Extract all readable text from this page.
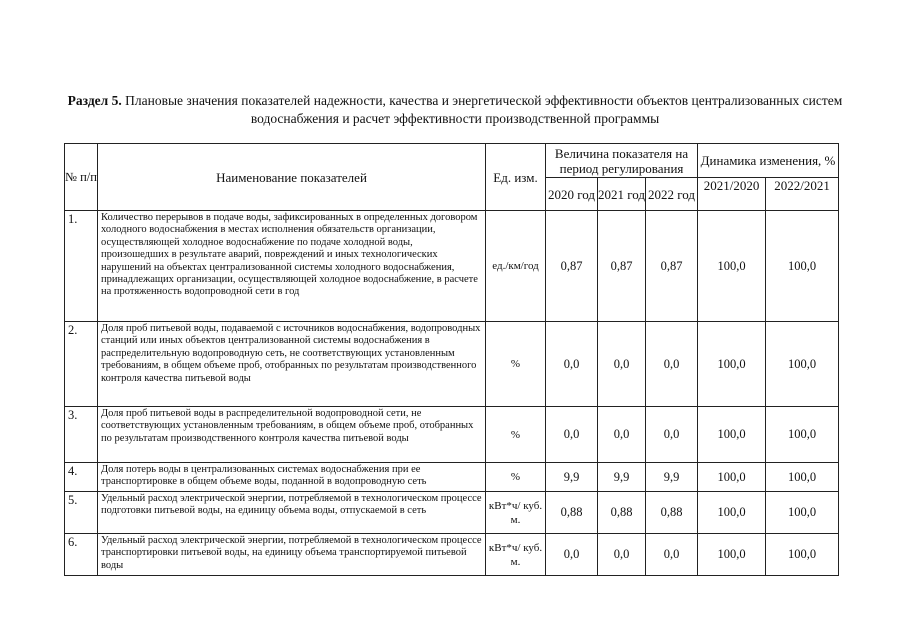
Раздел 5. Плановые значения показателей надежности, качества и энергетической эффективности объектов централизованных систем водоснабжения и расчет эффективности производственной программы
№ п/п	Наименование показателей	Ед. изм.	Величина показателя на период регулирования			Динамика изменения, %	
			2020 год	2021 год	2022 год	2021/2020	2022/2021
1.	Количество перерывов в подаче воды, зафиксированных в определенных договором холодного водоснабжения в местах исполнения обязательств организации, осуществляющей холодное водоснабжение по подаче холодной воды, произошедших в результате аварий, повреждений и иных технологических нарушений на объектах централизованной системы холодного водоснабжения, принадлежащих организации, осуществляющей холодное водоснабжение, в расчете на протяженность водопроводной сети в год	ед./км/год	0,87	0,87	0,87	100,0	100,0
2.	Доля проб питьевой воды, подаваемой с источников водоснабжения, водопроводных станций или иных объектов централизованной системы водоснабжения в распределительную водопроводную сеть, не соответствующих установленным требованиям, в общем объеме проб, отобранных по результатам производственного контроля качества питьевой воды	%	0,0	0,0	0,0	100,0	100,0
3.	Доля проб питьевой воды в распределительной водопроводной сети, не соответствующих установленным требованиям, в общем объеме проб, отобранных по результатам производственного контроля качества питьевой воды	%	0,0	0,0	0,0	100,0	100,0
4.	Доля потерь воды в централизованных системах водоснабжения при ее транспортировке в общем объеме воды, поданной в водопроводную сеть	%	9,9	9,9	9,9	100,0	100,0
5.	Удельный расход электрической энергии, потребляемой в технологическом процессе подготовки питьевой воды, на единицу объема воды, отпускаемой в сеть	кВт*ч/ куб. м.	0,88	0,88	0,88	100,0	100,0
6.	Удельный расход электрической энергии, потребляемой в технологическом процессе транспортировки питьевой воды, на единицу объема транспортируемой питьевой воды	кВт*ч/ куб. м.	0,0	0,0	0,0	100,0	100,0
